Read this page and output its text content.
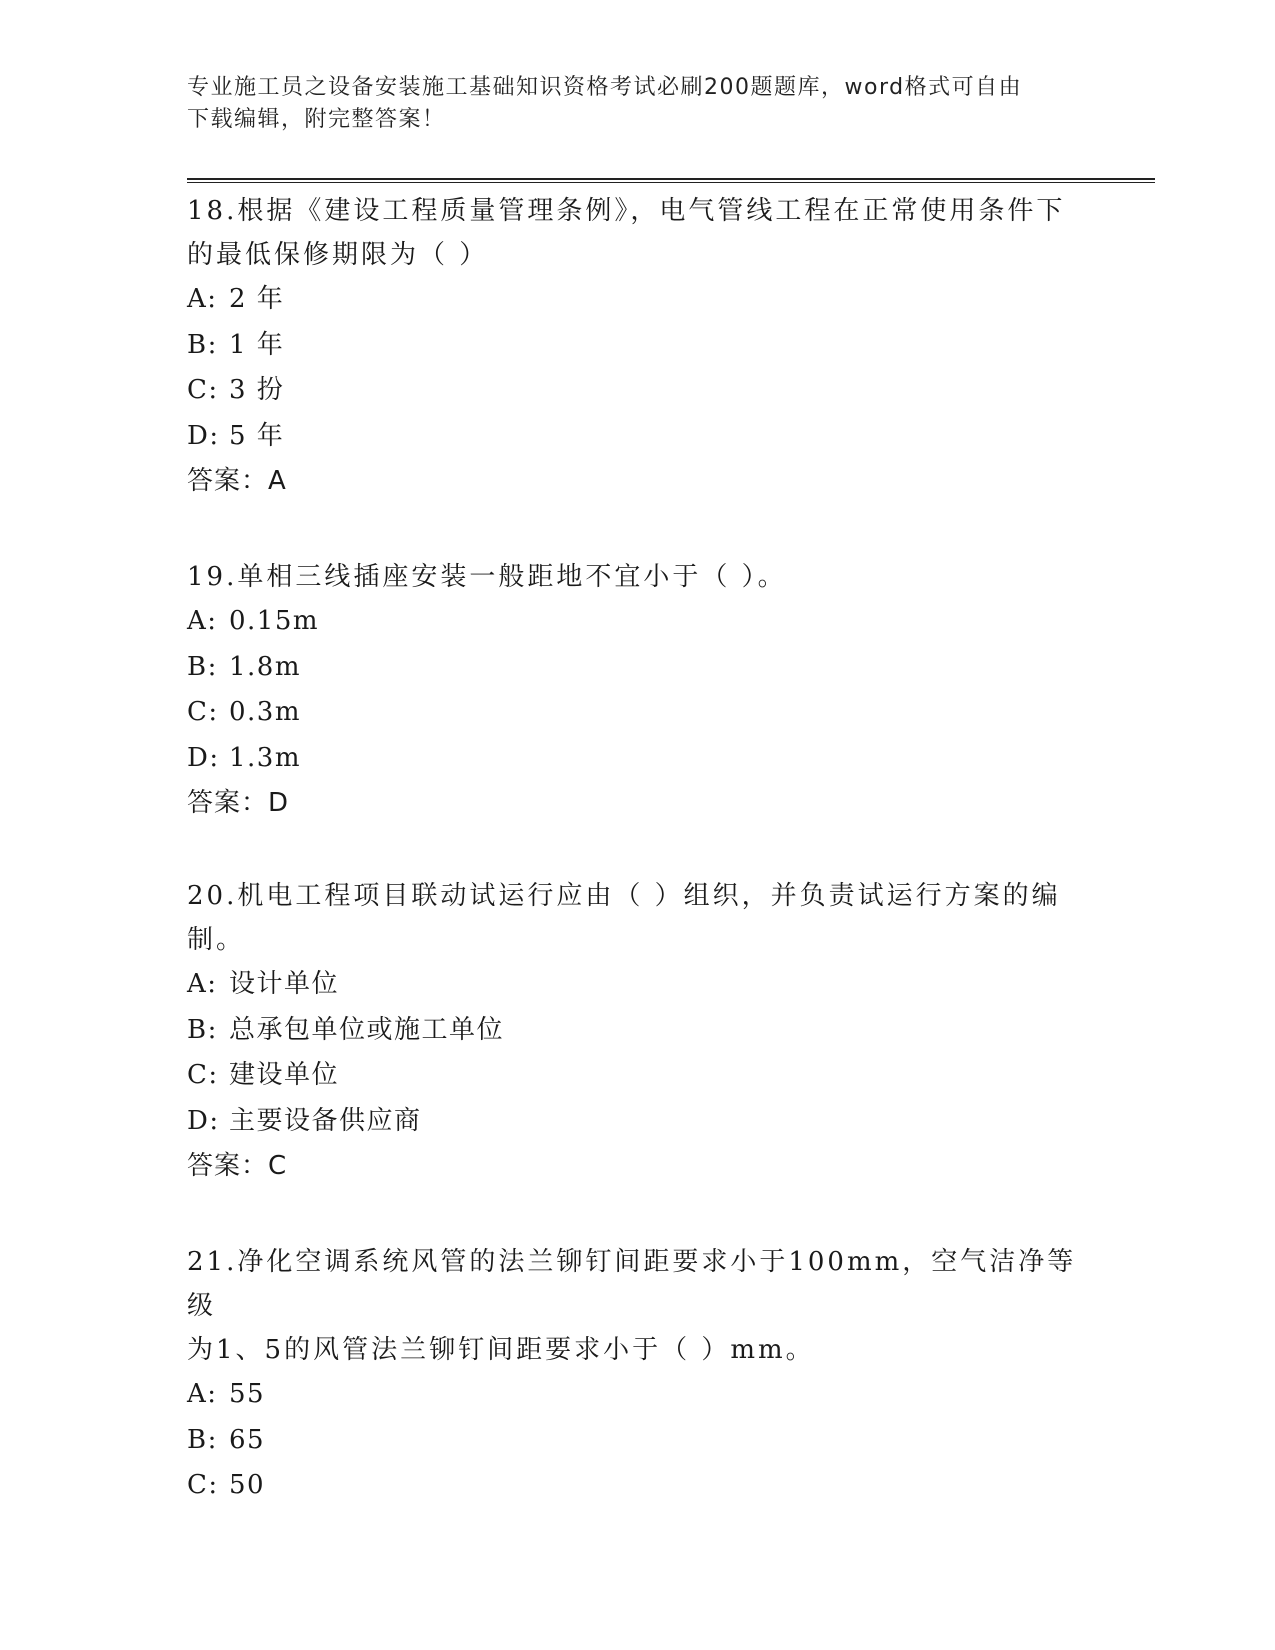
专业施工员之设备安装施工基础知识资格考试必刷200题题库，word格式可自由
下载编辑，附完整答案！
18.根据《建设工程质量管理条例》，电气管线工程在正常使用条件下
的最低保修期限为（ ）
A: 2 年
B: 1 年
C: 3 扮
D: 5 年
答案：A
19.单相三线插座安装一般距地不宜小于（ ）。
A: 0.15m
B: 1.8m
C: 0.3m
D: 1.3m
答案：D
20.机电工程项目联动试运行应由（ ）组织，并负责试运行方案的编
制。
A: 设计单位
B: 总承包单位或施工单位
C: 建设单位
D: 主要设备供应商
答案：C
21.净化空调系统风管的法兰铆钉间距要求小于100mm，空气洁净等级
为1、5的风管法兰铆钉间距要求小于（ ）mm。
A: 55
B: 65
C: 50
